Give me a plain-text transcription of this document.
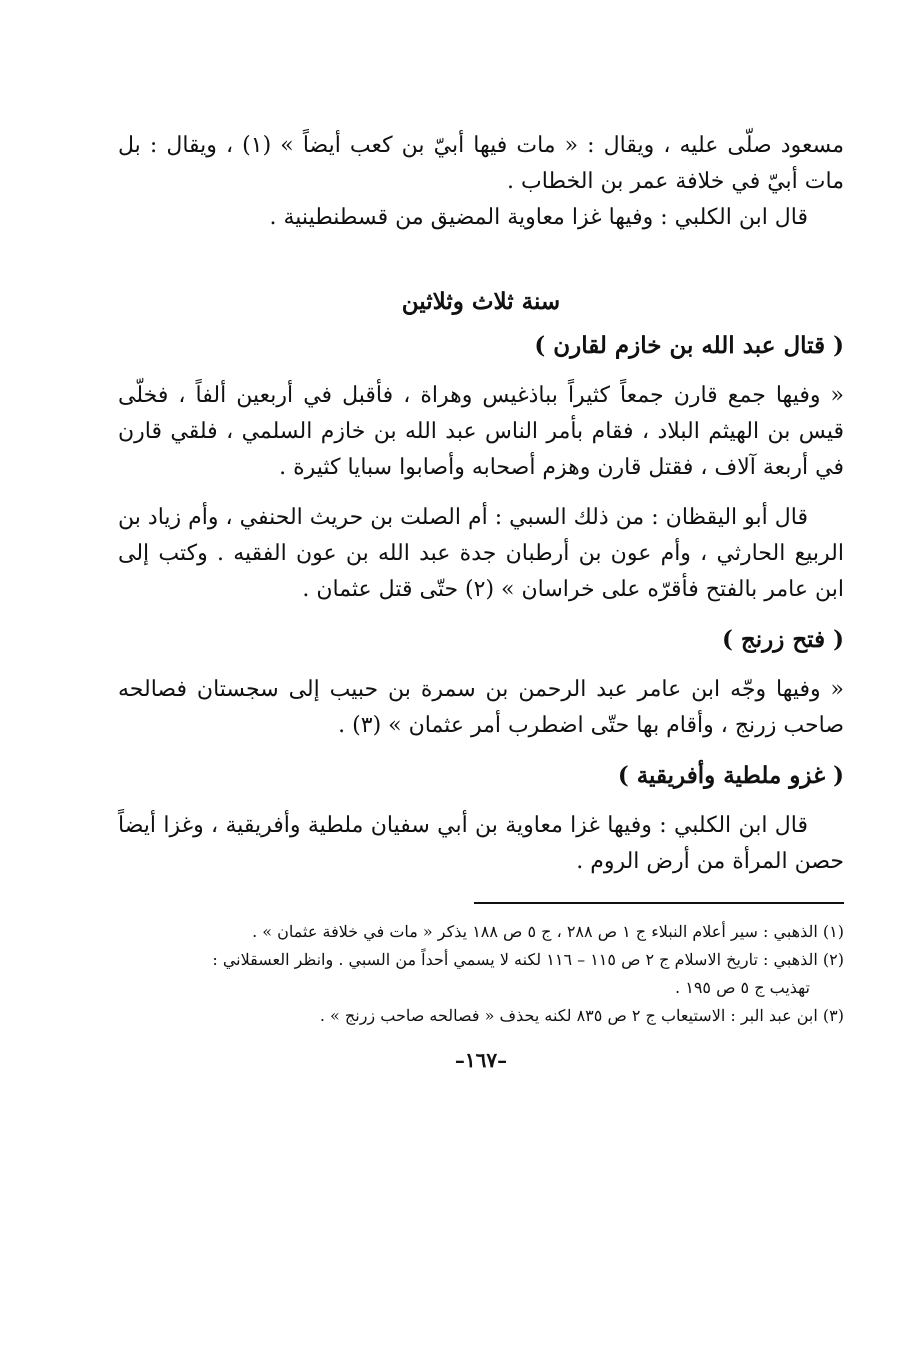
مسعود صلّى عليه ، ويقال : « مات فيها أبيّ بن كعب أيضاً » (١) ، ويقال : بل مات أبيّ في خلافة عمر بن الخطاب .

قال ابن الكلبي : وفيها غزا معاوية المضيق من قسطنطينية .

سنة ثلاث وثلاثين

( قتال عبد الله بن خازم لقارن )

« وفيها جمع قارن جمعاً كثيراً بباذغيس وهراة ، فأقبل في أربعين ألفاً ، فخلّى قيس بن الهيثم البلاد ، فقام بأمر الناس عبد الله بن خازم السلمي ، فلقي قارن في أربعة آلاف ، فقتل قارن وهزم أصحابه وأصابوا سبايا كثيرة .

قال أبو اليقظان : من ذلك السبي : أم الصلت بن حريث الحنفي ، وأم زياد بن الربيع الحارثي ، وأم عون بن أرطبان جدة عبد الله بن عون الفقيه . وكتب إلى ابن عامر بالفتح فأقرّه على خراسان » (٢) حتّى قتل عثمان .

( فتح زرنج )

« وفيها وجّه ابن عامر عبد الرحمن بن سمرة بن حبيب إلى سجستان فصالحه صاحب زرنج ، وأقام بها حتّى اضطرب أمر عثمان » (٣) .

( غزو ملطية وأفريقية )

قال ابن الكلبي : وفيها غزا معاوية بن أبي سفيان ملطية وأفريقية ، وغزا أيضاً حصن المرأة من أرض الروم .

(١) الذهبي : سير أعلام النبلاء ج ١ ص ٢٨٨ ، ج ٥ ص ١٨٨ يذكر « مات في خلافة عثمان » .

(٢) الذهبي : تاريخ الاسلام ج ٢ ص ١١٥ – ١١٦ لكنه لا يسمي أحداً من السبي . وانظر العسقلاني :
تهذيب ج ٥ ص ١٩٥ .

(٣) ابن عبد البر : الاستيعاب ج ٢ ص ٨٣٥ لكنه يحذف « فصالحه صاحب زرنج » .

–١٦٧–
